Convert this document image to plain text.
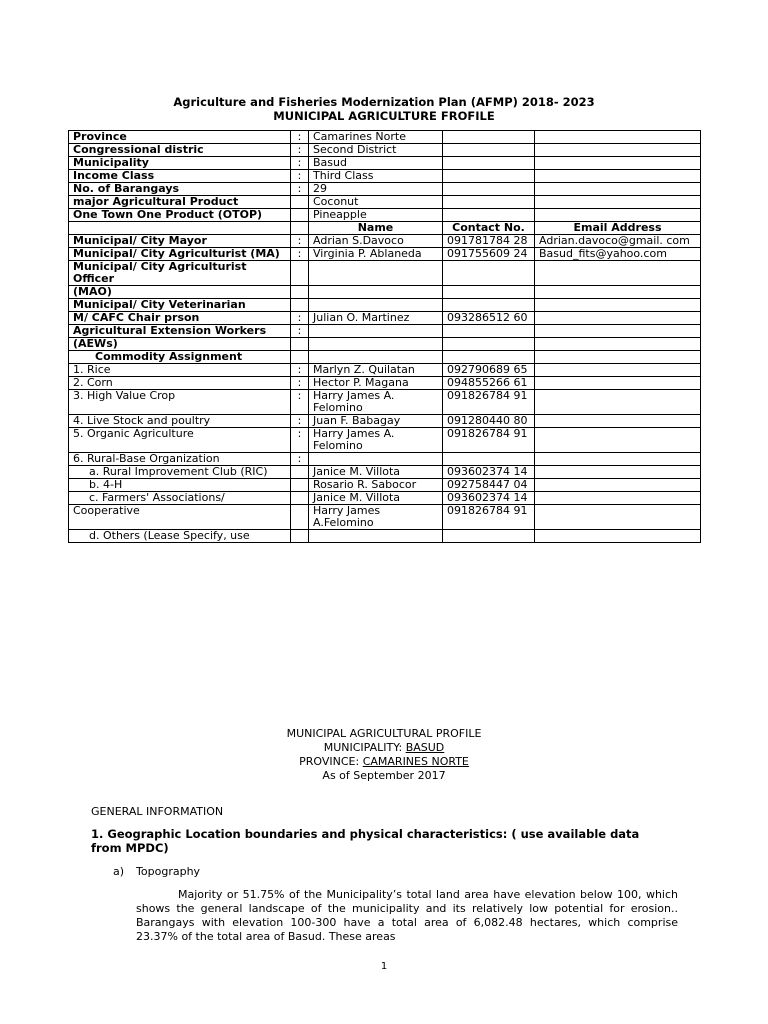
Agriculture and Fisheries Modernization Plan (AFMP) 2018- 2023
MUNICIPAL AGRICULTURE FROFILE
Province	:	Camarines Norte		
Congressional distric	:	Second District		
Municipality	:	Basud		
Income Class	:	Third Class		
No. of Barangays	:	29		
major Agricultural Product		Coconut		
One Town One Product (OTOP)		Pineapple		
		Name	Contact No.	Email Address
Municipal/ City Mayor	:	Adrian S.Davoco	091781784 28	Adrian.davoco@gmail. com
Municipal/ City Agriculturist (MA)	:	Virginia P. Ablaneda	091755609 24	Basud_fits@yahoo.com
Municipal/ City Agriculturist Officer				
(MAO)				
Municipal/ City Veterinarian				
M/ CAFC Chair prson	:	Julian O. Martinez	093286512 60	
Agricultural Extension Workers	:			
(AEWs)				
Commodity Assignment				
1. Rice	:	Marlyn Z. Quilatan	092790689 65	
2. Corn	:	Hector P. Magana	094855266 61	
3. High Value Crop	:	Harry James A. Felomino	091826784 91	
4. Live Stock and poultry	:	Juan F. Babagay	091280440 80	
5. Organic Agriculture	:	Harry James A. Felomino	091826784 91	
6. Rural-Base Organization	:			
a. Rural Improvement Club (RIC)		Janice M. Villota	093602374 14	
b. 4-H		Rosario R. Sabocor	092758447 04	
c. Farmers' Associations/		Janice M. Villota	093602374 14	
Cooperative		Harry James A.Felomino	091826784 91	
d. Others (Lease Specify, use				
MUNICIPAL AGRICULTURAL PROFILE
MUNICIPALITY: BASUD
PROVINCE: CAMARINES NORTE
As of September 2017
GENERAL INFORMATION
1. Geographic Location boundaries and physical characteristics: ( use available data from MPDC)
a) Topography
Majority or 51.75% of the Municipality’s total land area have elevation below 100, which shows the general landscape of the municipality and its relatively low potential for erosion.. Barangays with elevation 100-300 have a total area of 6,082.48 hectares, which comprise 23.37% of the total area of Basud. These areas
1
